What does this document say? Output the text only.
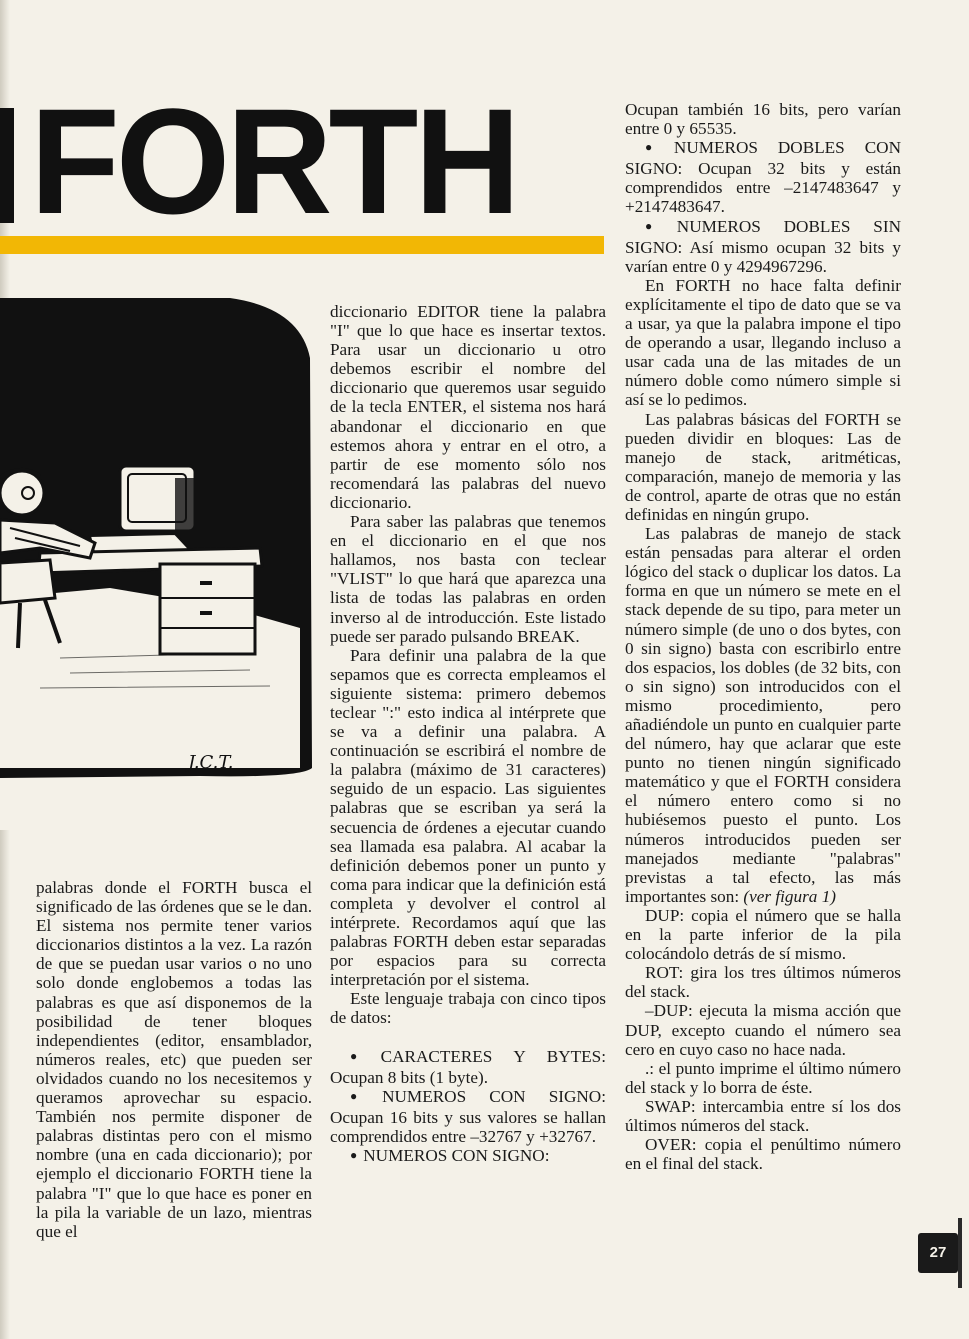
FORTH
J.C.T.

palabras donde el FORTH busca el significado de las órdenes que se le dan. El sistema nos permite tener varios diccionarios distintos a la vez. La razón de que se puedan usar varios o no uno solo donde englobemos a todas las palabras es que así disponemos de la posibilidad de tener bloques independientes (editor, ensamblador, números reales, etc) que pueden ser olvidados cuando no los necesitemos y queramos aprovechar su espacio. También nos permite disponer de palabras distintas pero con el mismo nombre (una en cada diccionario); por ejemplo el diccionario FORTH tiene la palabra "I" que lo que hace es poner en la pila la variable de un lazo, mientras que el

diccionario EDITOR tiene la palabra "I" que lo que hace es insertar textos. Para usar un diccionario u otro debemos escribir el nombre del diccionario que queremos usar seguido de la tecla ENTER, el sistema nos hará abandonar el diccionario en que estemos ahora y entrar en el otro, a partir de ese momento sólo nos recomendará las palabras del nuevo diccionario.

Para saber las palabras que tenemos en el diccionario en el que nos hallamos, nos basta con teclear "VLIST" lo que hará que aparezca una lista de todas las palabras en orden inverso al de introducción. Este listado puede ser parado pulsando BREAK.

Para definir una palabra de la que sepamos que es correcta empleamos el siguiente sistema: primero debemos teclear ":" esto indica al intérprete que se va a definir una palabra. A continuación se escribirá el nombre de la palabra (máximo de 31 caracteres) seguido de un espacio. Las siguientes palabras que se escriban ya será la secuencia de órdenes a ejecutar cuando sea llamada esa palabra. Al acabar la definición debemos poner un punto y coma para indicar que la definición está completa y devolver el control al intérprete. Recordamos aquí que las palabras FORTH deben estar separadas por espacios para su correcta interpretación por el sistema.

Este lenguaje trabaja con cinco tipos de datos:

● CARACTERES Y BYTES: Ocupan 8 bits (1 byte).

● NUMEROS CON SIGNO: Ocupan 16 bits y sus valores se hallan comprendidos entre –32767 y +32767.

● NUMEROS CON SIGNO:

Ocupan también 16 bits, pero varían entre 0 y 65535.

● NUMEROS DOBLES CON SIGNO: Ocupan 32 bits y están comprendidos entre –2147483647 y +2147483647.

● NUMEROS DOBLES SIN SIGNO: Así mismo ocupan 32 bits y varían entre 0 y 4294967296.

En FORTH no hace falta definir explícitamente el tipo de dato que se va a usar, ya que la palabra impone el tipo de operando a usar, llegando incluso a usar cada una de las mitades de un número doble como número simple si así se lo pedimos.

Las palabras básicas del FORTH se pueden dividir en bloques: Las de manejo de stack, aritméticas, comparación, manejo de memoria y las de control, aparte de otras que no están definidas en ningún grupo.

Las palabras de manejo de stack están pensadas para alterar el orden lógico del stack o duplicar los datos. La forma en que un número se mete en el stack depende de su tipo, para meter un número simple (de uno o dos bytes, con 0 sin signo) basta con escribirlo entre dos espacios, los dobles (de 32 bits, con o sin signo) son introducidos con el mismo procedimiento, pero añadiéndole un punto en cualquier parte del número, hay que aclarar que este punto no tienen ningún significado matemático y que el FORTH considera el número entero como si no hubiésemos puesto el punto. Los números introducidos pueden ser manejados mediante "palabras" previstas a tal efecto, las más importantes son: (ver figura 1)

DUP: copia el número que se halla en la parte inferior de la pila colocándolo detrás de sí mismo.

ROT: gira los tres últimos números del stack.

–DUP: ejecuta la misma acción que DUP, excepto cuando el número sea cero en cuyo caso no hace nada.

.: el punto imprime el último número del stack y lo borra de éste.

SWAP: intercambia entre sí los dos últimos números del stack.

OVER: copia el penúltimo número en el final del stack.

27
